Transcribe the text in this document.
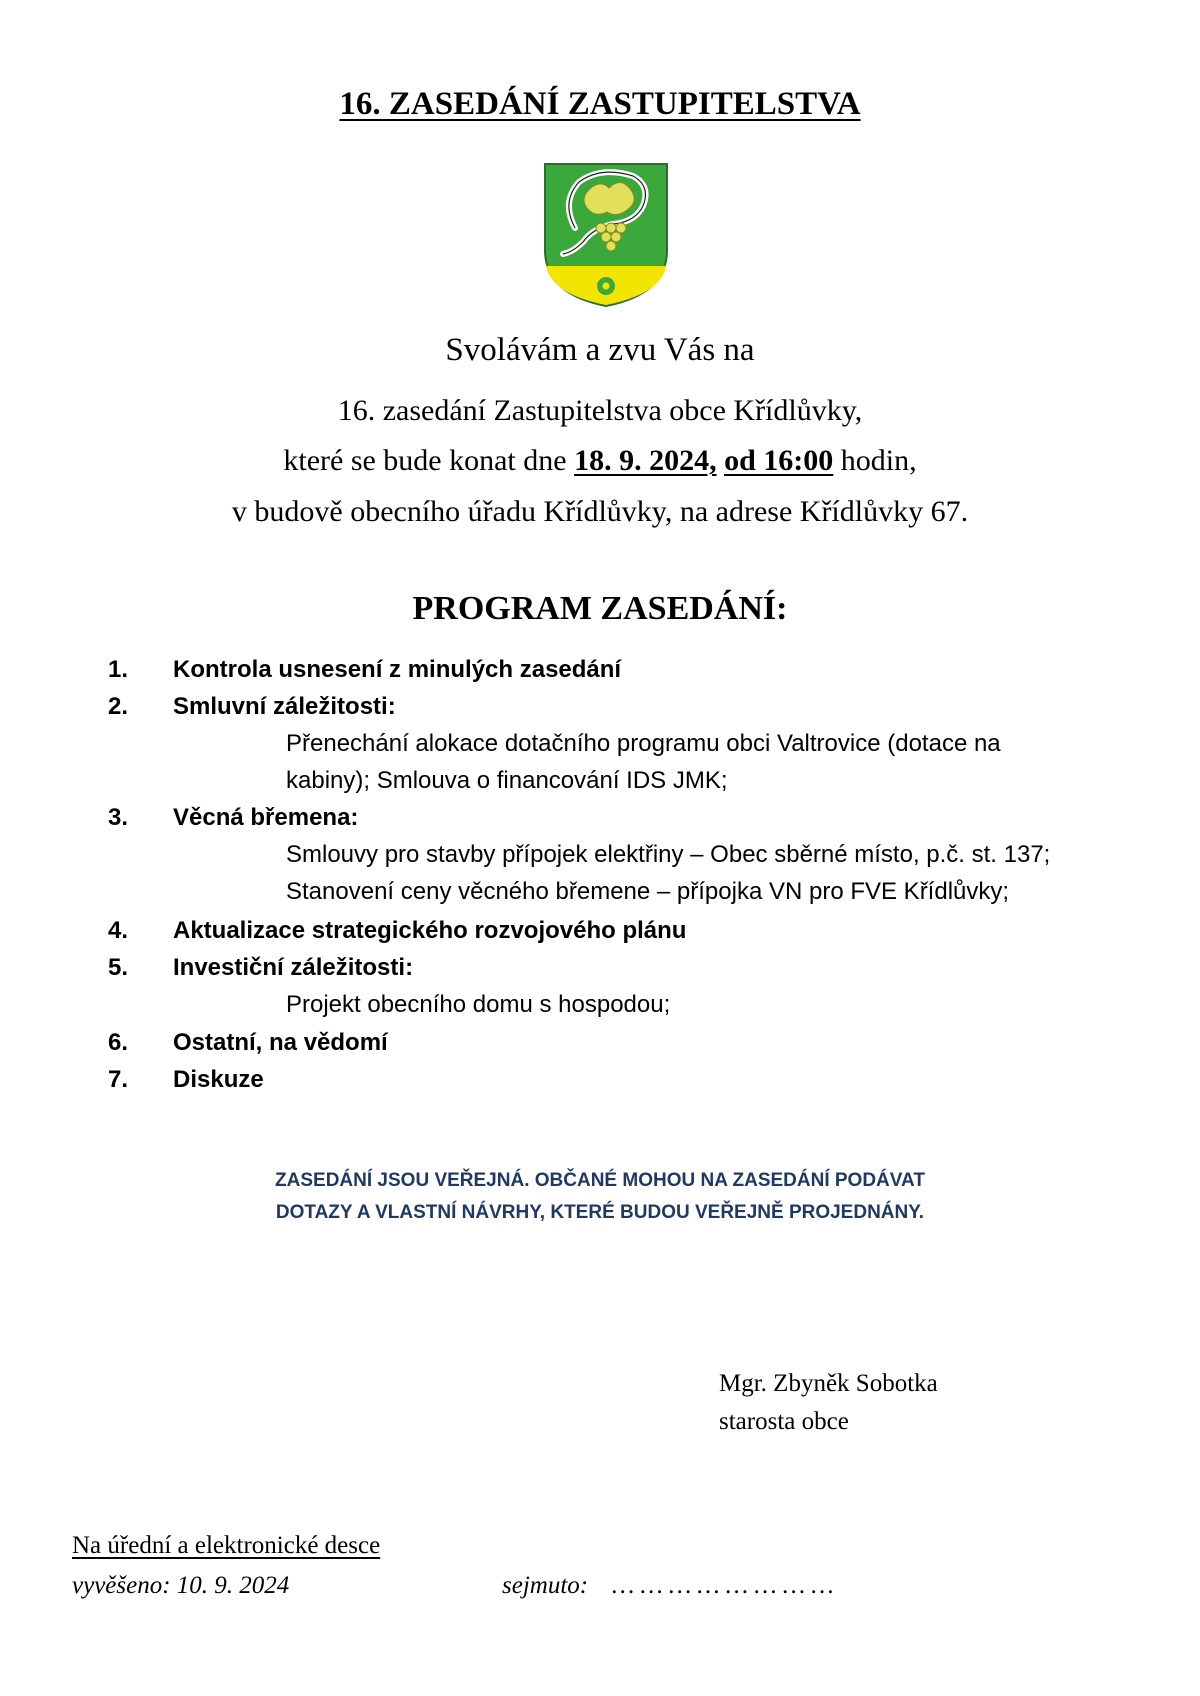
16. ZASEDÁNÍ ZASTUPITELSTVA
Svolávám a zvu Vás na
16. zasedání Zastupitelstva obce Křídlůvky,
které se bude konat dne 18. 9. 2024, od 16:00 hodin,
v budově obecního úřadu Křídlůvky, na adrese Křídlůvky 67.
PROGRAM ZASEDÁNÍ:
1. Kontrola usnesení z minulých zasedání
2. Smluvní záležitosti:
Přenechání alokace dotačního programu obci Valtrovice (dotace na
kabiny); Smlouva o financování IDS JMK;
3. Věcná břemena:
Smlouvy pro stavby přípojek elektřiny – Obec sběrné místo, p.č. st. 137;
Stanovení ceny věcného břemene – přípojka VN pro FVE Křídlůvky;
4. Aktualizace strategického rozvojového plánu
5. Investiční záležitosti:
Projekt obecního domu s hospodou;
6. Ostatní, na vědomí
7. Diskuze
ZASEDÁNÍ JSOU VEŘEJNÁ. OBČANÉ MOHOU NA ZASEDÁNÍ PODÁVAT
DOTAZY A VLASTNÍ NÁVRHY, KTERÉ BUDOU VEŘEJNĚ PROJEDNÁNY.
Mgr. Zbyněk Sobotka
starosta obce
Na úřední a elektronické desce
vyvěšeno: 10. 9. 2024	sejmuto: … … … … … … … …
